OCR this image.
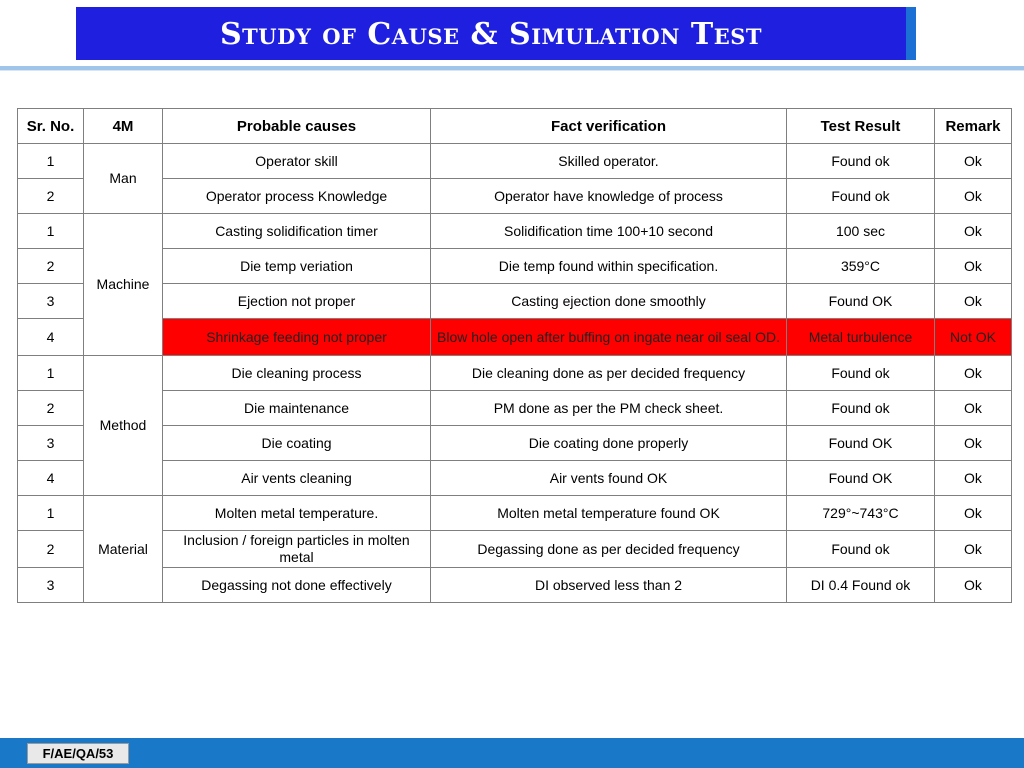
Study of Cause & Simulation Test
Sr. No.	4M	Probable causes	Fact verification	Test Result	Remark
1	Man	Operator skill	Skilled operator.	Found ok	Ok
2		Operator process Knowledge	Operator have knowledge of process	Found ok	Ok
1	Machine	Casting solidification timer	Solidification time 100+10 second	100 sec	Ok
2		Die temp veriation	Die temp found within specification.	359°C	Ok
3		Ejection not proper	Casting ejection done smoothly	Found OK	Ok
4		Shrinkage feeding not proper	Blow hole open after buffing on ingate near oil seal OD.	Metal turbulence	Not OK
1	Method	Die cleaning process	Die cleaning done as per decided frequency	Found ok	Ok
2		Die maintenance	PM done as per the PM check sheet.	Found ok	Ok
3		Die coating	Die coating done properly	Found OK	Ok
4		Air vents cleaning	Air vents found OK	Found OK	Ok
1	Material	Molten metal temperature.	Molten metal temperature found OK	729°~743°C	Ok
2		Inclusion / foreign particles in molten metal	Degassing done as per decided frequency	Found ok	Ok
3		Degassing not done effectively	DI observed less than 2	DI 0.4 Found ok	Ok
F/AE/QA/53
